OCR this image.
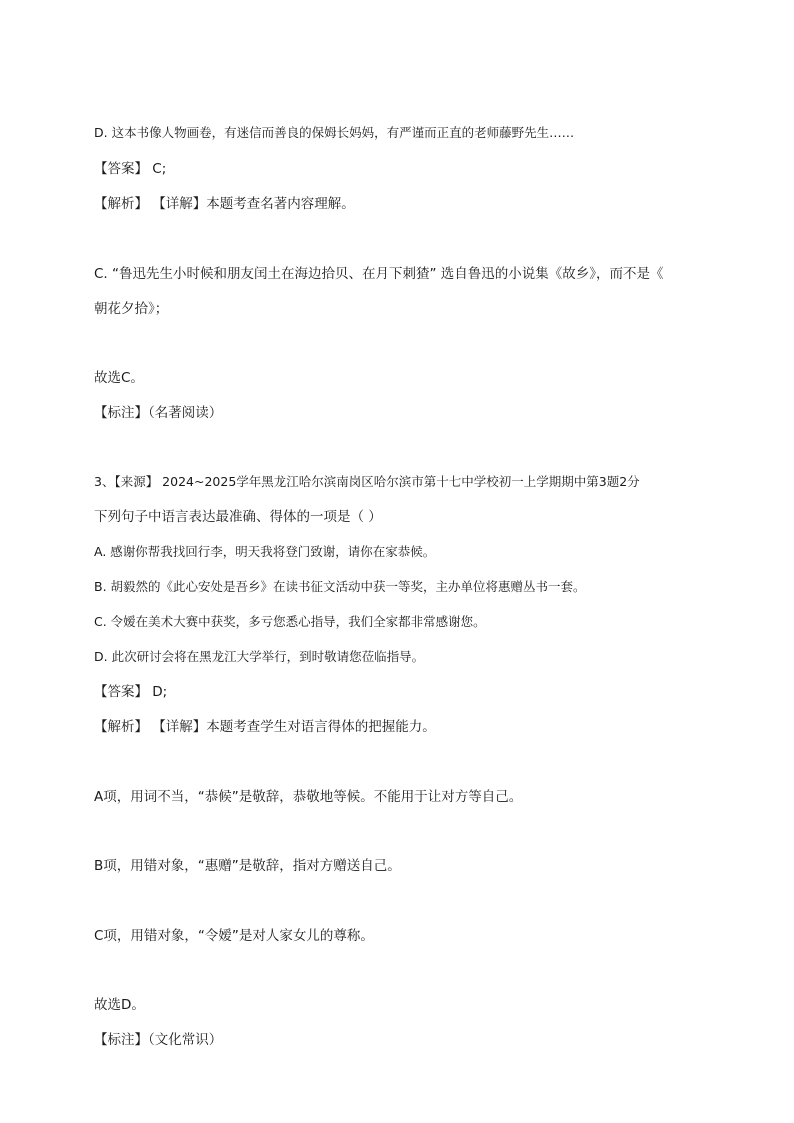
D. 这本书像人物画卷，有迷信而善良的保姆长妈妈，有严谨而正直的老师藤野先生……
【答案】 C;
【解析】 【详解】本题考查名著内容理解。
C. “鲁迅先生小时候和朋友闰土在海边拾贝、在月下刺猹” 选自鲁迅的小说集《故乡》，而不是《
朝花夕拾》；
故选C。
【标注】（名著阅读）
3、【来源】 2024~2025学年黑龙江哈尔滨南岗区哈尔滨市第十七中学校初一上学期期中第3题2分
下列句子中语言表达最准确、得体的一项是（ ）
A. 感谢你帮我找回行李，明天我将登门致谢，请你在家恭候。
B. 胡毅然的《此心安处是吾乡》在读书征文活动中获一等奖，主办单位将惠赠丛书一套。
C. 令嫒在美术大赛中获奖，多亏您悉心指导，我们全家都非常感谢您。
D. 此次研讨会将在黑龙江大学举行，到时敬请您莅临指导。
【答案】 D;
【解析】 【详解】本题考查学生对语言得体的把握能力。
A项，用词不当，“恭候”是敬辞，恭敬地等候。不能用于让对方等自己。
B项，用错对象，“惠赠”是敬辞，指对方赠送自己。
C项，用错对象，“令嫒”是对人家女儿的尊称。
故选D。
【标注】（文化常识）
